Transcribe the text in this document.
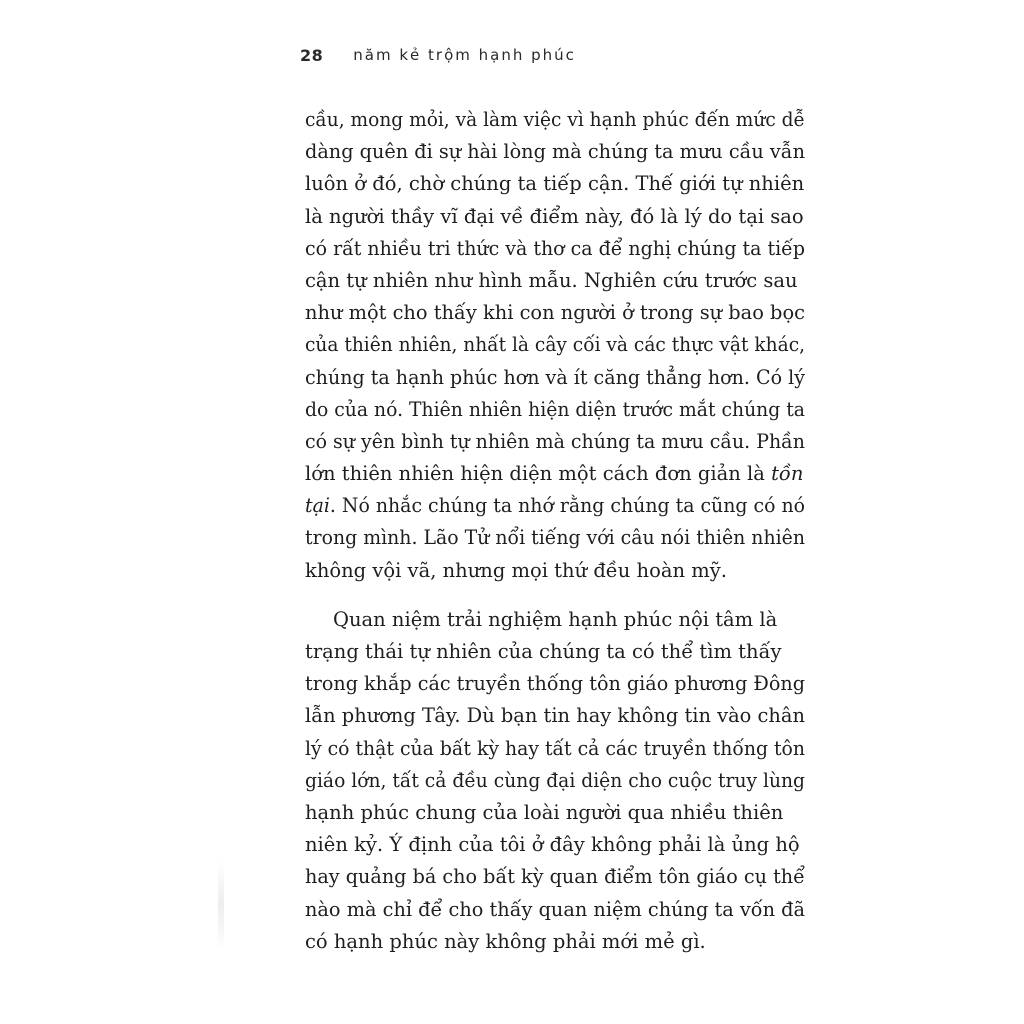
28 năm kẻ trộm hạnh phúc
cầu, mong mỏi, và làm việc vì hạnh phúc đến mức dễ
dàng quên đi sự hài lòng mà chúng ta mưu cầu vẫn
luôn ở đó, chờ chúng ta tiếp cận. Thế giới tự nhiên
là người thầy vĩ đại về điểm này, đó là lý do tại sao
có rất nhiều tri thức và thơ ca để nghị chúng ta tiếp
cận tự nhiên như hình mẫu. Nghiên cứu trước sau
như một cho thấy khi con người ở trong sự bao bọc
của thiên nhiên, nhất là cây cối và các thực vật khác,
chúng ta hạnh phúc hơn và ít căng thẳng hơn. Có lý
do của nó. Thiên nhiên hiện diện trước mắt chúng ta
có sự yên bình tự nhiên mà chúng ta mưu cầu. Phần
lớn thiên nhiên hiện diện một cách đơn giản là tồn
tại. Nó nhắc chúng ta nhớ rằng chúng ta cũng có nó
trong mình. Lão Tử nổi tiếng với câu nói thiên nhiên
không vội vã, nhưng mọi thứ đều hoàn mỹ.
Quan niệm trải nghiệm hạnh phúc nội tâm là
trạng thái tự nhiên của chúng ta có thể tìm thấy
trong khắp các truyền thống tôn giáo phương Đông
lẫn phương Tây. Dù bạn tin hay không tin vào chân
lý có thật của bất kỳ hay tất cả các truyền thống tôn
giáo lớn, tất cả đều cùng đại diện cho cuộc truy lùng
hạnh phúc chung của loài người qua nhiều thiên
niên kỷ. Ý định của tôi ở đây không phải là ủng hộ
hay quảng bá cho bất kỳ quan điểm tôn giáo cụ thể
nào mà chỉ để cho thấy quan niệm chúng ta vốn đã
có hạnh phúc này không phải mới mẻ gì.
